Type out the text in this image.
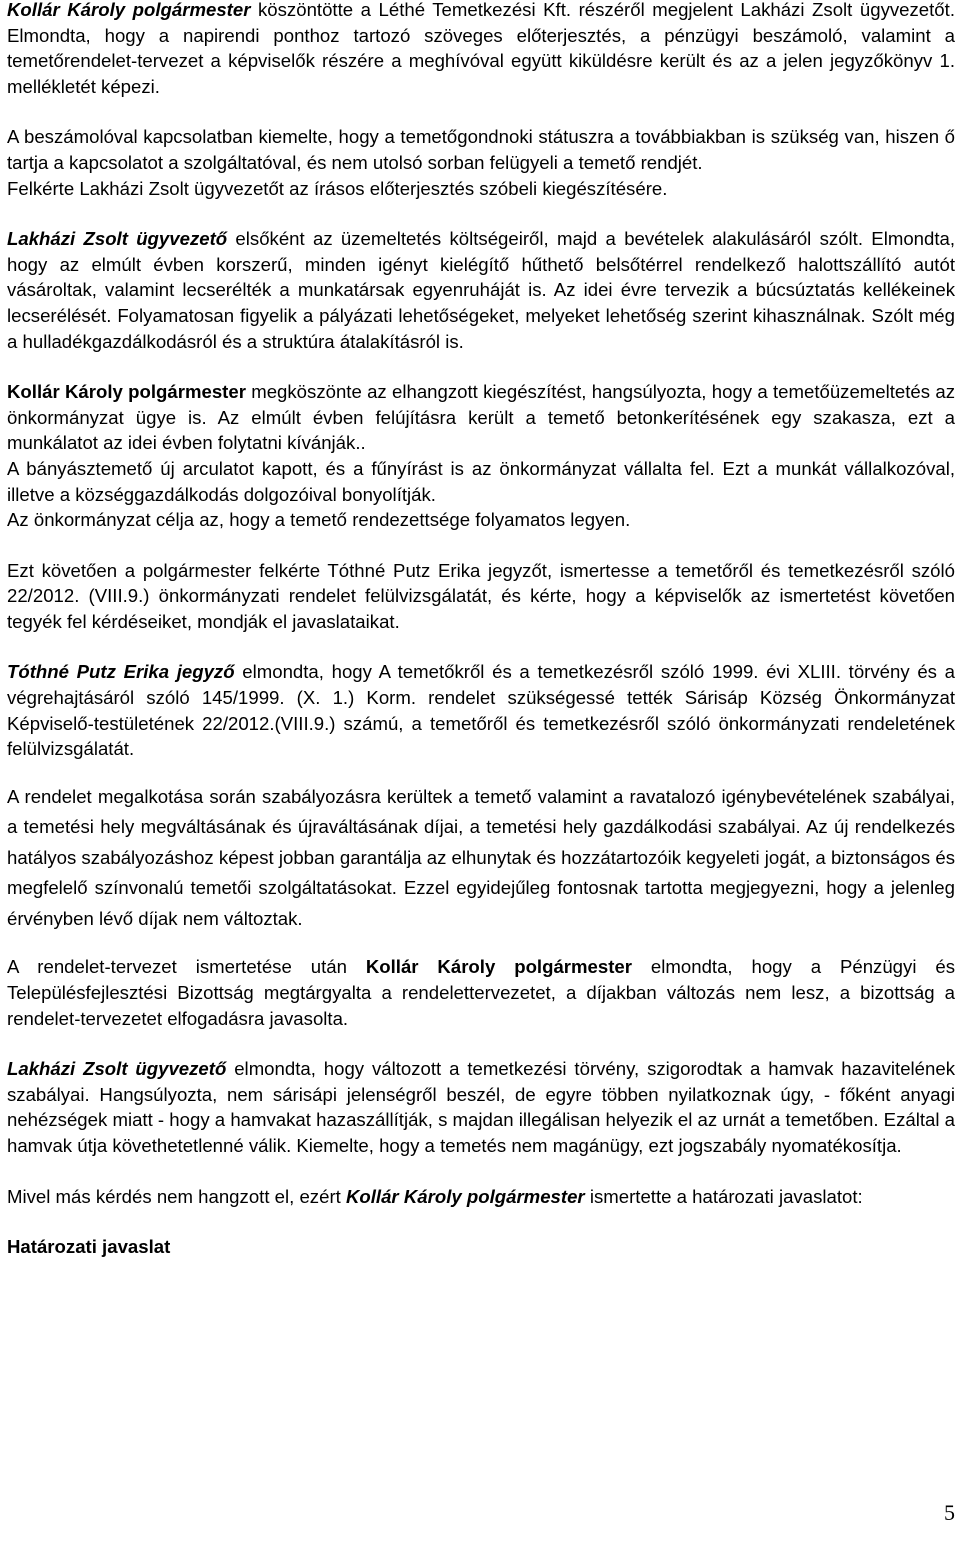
Kollár Károly polgármester köszöntötte a Léthé Temetkezési Kft. részéről megjelent Lakházi Zsolt ügyvezetőt. Elmondta, hogy a napirendi ponthoz tartozó szöveges előterjesztés, a pénzügyi beszámoló, valamint a temetőrendelet-tervezet a képviselők részére a meghívóval együtt kiküldésre került és az a jelen jegyzőkönyv 1. mellékletét képezi.

A beszámolóval kapcsolatban kiemelte, hogy a temetőgondnoki státuszra a továbbiakban is szükség van, hiszen ő tartja a kapcsolatot a szolgáltatóval, és nem utolsó sorban felügyeli a temető rendjét.

Felkérte Lakházi Zsolt ügyvezetőt az írásos előterjesztés szóbeli kiegészítésére.

Lakházi Zsolt ügyvezető elsőként az üzemeltetés költségeiről, majd a bevételek alakulásáról szólt. Elmondta, hogy az elmúlt évben korszerű, minden igényt kielégítő hűthető belsőtérrel rendelkező halottszállító autót vásároltak, valamint lecserélték a munkatársak egyenruháját is. Az idei évre tervezik a búcsúztatás kellékeinek lecserélését. Folyamatosan figyelik a pályázati lehetőségeket, melyeket lehetőség szerint kihasználnak. Szólt még a hulladékgazdálkodásról és a struktúra átalakításról is.

Kollár Károly polgármester megköszönte az elhangzott kiegészítést, hangsúlyozta, hogy a temetőüzemeltetés az önkormányzat ügye is. Az elmúlt évben felújításra került a temető betonkerítésének egy szakasza, ezt a munkálatot az idei évben folytatni kívánják..

A bányásztemető új arculatot kapott, és a fűnyírást is az önkormányzat vállalta fel. Ezt a munkát vállalkozóval, illetve a községgazdálkodás dolgozóival bonyolítják.

Az önkormányzat célja az, hogy a temető rendezettsége folyamatos legyen.

Ezt követően a polgármester felkérte Tóthné Putz Erika jegyzőt, ismertesse a temetőről és temetkezésről szóló 22/2012. (VIII.9.) önkormányzati rendelet felülvizsgálatát, és kérte, hogy a képviselők az ismertetést követően tegyék fel kérdéseiket, mondják el javaslataikat.

Tóthné Putz Erika jegyző elmondta, hogy A temetőkről és a temetkezésről szóló 1999. évi XLIII. törvény és a végrehajtásáról szóló 145/1999. (X. 1.) Korm. rendelet szükségessé tették Sárisáp Község Önkormányzat Képviselő-testületének 22/2012.(VIII.9.) számú, a temetőről és temetkezésről szóló önkormányzati rendeletének felülvizsgálatát.

A rendelet megalkotása során szabályozásra kerültek a temető valamint a ravatalozó igénybevételének szabályai, a temetési hely megváltásának és újraváltásának díjai, a temetési hely gazdálkodási szabályai. Az új rendelkezés hatályos szabályozáshoz képest jobban garantálja az elhunytak és hozzátartozóik kegyeleti jogát, a biztonságos és megfelelő színvonalú temetői szolgáltatásokat. Ezzel egyidejűleg fontosnak tartotta megjegyezni, hogy a jelenleg érvényben lévő díjak nem változtak.

A rendelet-tervezet ismertetése után Kollár Károly polgármester elmondta, hogy a Pénzügyi és Településfejlesztési Bizottság megtárgyalta a rendelettervezetet, a díjakban változás nem lesz, a bizottság a rendelet-tervezetet elfogadásra javasolta.

Lakházi Zsolt ügyvezető elmondta, hogy változott a temetkezési törvény, szigorodtak a hamvak hazavitelének szabályai. Hangsúlyozta, nem sárisápi jelenségről beszél, de egyre többen nyilatkoznak úgy, - főként anyagi nehézségek miatt - hogy a hamvakat hazaszállítják, s majdan illegálisan helyezik el az urnát a temetőben. Ezáltal a hamvak útja követhetetlenné válik. Kiemelte, hogy a temetés nem magánügy, ezt jogszabály nyomatékosítja.

Mivel más kérdés nem hangzott el, ezért Kollár Károly polgármester ismertette a határozati javaslatot:

Határozati javaslat

5
